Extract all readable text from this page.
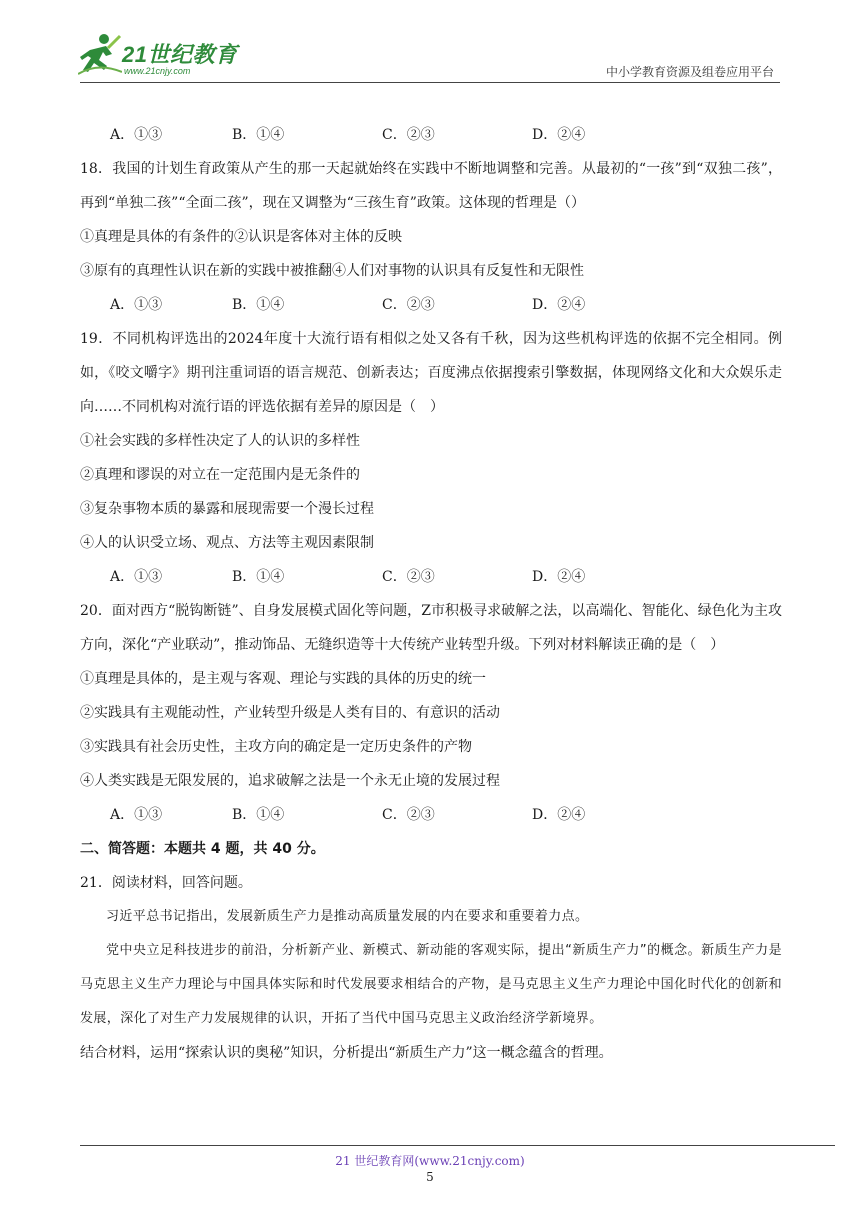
21世纪教育
www.21cnjy.com	中小学教育资源及组卷应用平台
A．①③	B．①④	C．②③	D．②④

18．我国的计划生育政策从产生的那一天起就始终在实践中不断地调整和完善。从最初的“一孩”到“双独二孩”，再到“单独二孩”“全面二孩”，现在又调整为“三孩生育”政策。这体现的哲理是（）

①真理是具体的有条件的②认识是客体对主体的反映

③原有的真理性认识在新的实践中被推翻④人们对事物的认识具有反复性和无限性

A．①③	B．①④	C．②③	D．②④

19．不同机构评选出的2024年度十大流行语有相似之处又各有千秋，因为这些机构评选的依据不完全相同。例如，《咬文嚼字》期刊注重词语的语言规范、创新表达；百度沸点依据搜索引擎数据，体现网络文化和大众娱乐走向……不同机构对流行语的评选依据有差异的原因是（　）

①社会实践的多样性决定了人的认识的多样性

②真理和谬误的对立在一定范围内是无条件的

③复杂事物本质的暴露和展现需要一个漫长过程

④人的认识受立场、观点、方法等主观因素限制

A．①③	B．①④	C．②③	D．②④

20．面对西方“脱钩断链”、自身发展模式固化等问题，Z市积极寻求破解之法，以高端化、智能化、绿色化为主攻方向，深化“产业联动”，推动饰品、无缝织造等十大传统产业转型升级。下列对材料解读正确的是（　）

①真理是具体的，是主观与客观、理论与实践的具体的历史的统一

②实践具有主观能动性，产业转型升级是人类有目的、有意识的活动

③实践具有社会历史性，主攻方向的确定是一定历史条件的产物

④人类实践是无限发展的，追求破解之法是一个永无止境的发展过程

A．①③	B．①④	C．②③	D．②④

二、简答题：本题共 4 题，共 40 分。

21．阅读材料，回答问题。

习近平总书记指出，发展新质生产力是推动高质量发展的内在要求和重要着力点。

党中央立足科技进步的前沿，分析新产业、新模式、新动能的客观实际，提出“新质生产力”的概念。新质生产力是马克思主义生产力理论与中国具体实际和时代发展要求相结合的产物，是马克思主义生产力理论中国化时代化的创新和发展，深化了对生产力发展规律的认识，开拓了当代中国马克思主义政治经济学新境界。

结合材料，运用“探索认识的奥秘”知识，分析提出“新质生产力”这一概念蕴含的哲理。

21 世纪教育网(www.21cnjy.com)
5
